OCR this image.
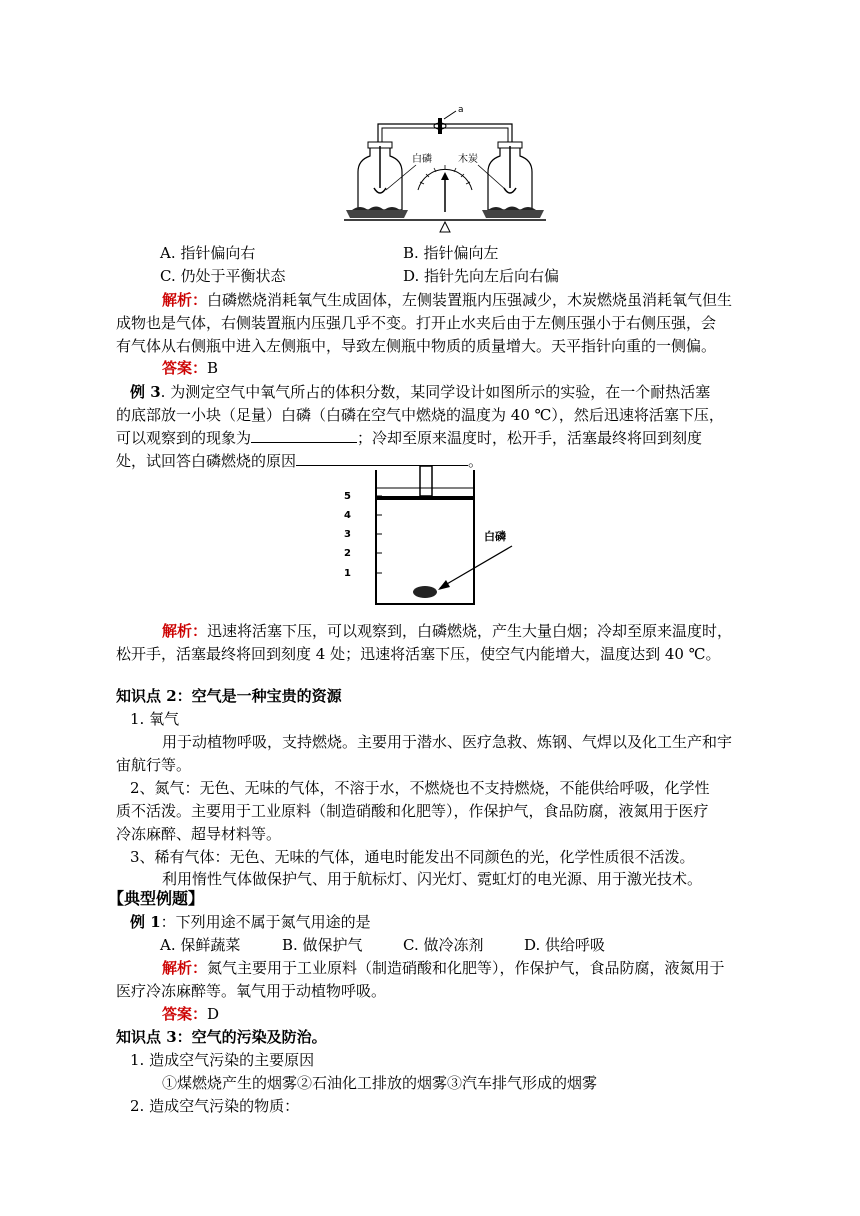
a
白磷	木炭
A. 指针偏向右	B. 指针偏向左
C. 仍处于平衡状态	D. 指针先向左后向右偏
解析：白磷燃烧消耗氧气生成固体，左侧装置瓶内压强减少，木炭燃烧虽消耗氧气但生
成物也是气体，右侧装置瓶内压强几乎不变。打开止水夹后由于左侧压强小于右侧压强，会
有气体从右侧瓶中进入左侧瓶中，导致左侧瓶中物质的质量增大。天平指针向重的一侧偏。
答案：B
例 3. 为测定空气中氧气所占的体积分数，某同学设计如图所示的实验，在一个耐热活塞
的底部放一小块（足量）白磷（白磷在空气中燃烧的温度为 40 ℃），然后迅速将活塞下压，
可以观察到的现象为	；冷却至原来温度时，松开手，活塞最终将回到刻度
处，试回答白磷燃烧的原因	。
5
4
3
2
1
白磷
解析：迅速将活塞下压，可以观察到，白磷燃烧，产生大量白烟；冷却至原来温度时，
松开手，活塞最终将回到刻度 4 处；迅速将活塞下压，使空气内能增大，温度达到 40 ℃。
知识点 2：空气是一种宝贵的资源
1. 氧气
用于动植物呼吸，支持燃烧。主要用于潜水、医疗急救、炼钢、气焊以及化工生产和宇
宙航行等。
2、氮气：无色、无味的气体，不溶于水，不燃烧也不支持燃烧，不能供给呼吸，化学性
质不活泼。主要用于工业原料（制造硝酸和化肥等），作保护气，食品防腐，液氮用于医疗
冷冻麻醉、超导材料等。
3、稀有气体：无色、无味的气体，通电时能发出不同颜色的光，化学性质很不活泼。
利用惰性气体做保护气、用于航标灯、闪光灯、霓虹灯的电光源、用于激光技术。
【典型例题】
例 1：下列用途不属于氮气用途的是
A. 保鲜蔬菜	B. 做保护气	C. 做冷冻剂	D. 供给呼吸
解析：氮气主要用于工业原料（制造硝酸和化肥等），作保护气，食品防腐，液氮用于
医疗冷冻麻醉等。氧气用于动植物呼吸。
答案：D
知识点 3：空气的污染及防治。
1. 造成空气污染的主要原因
①煤燃烧产生的烟雾②石油化工排放的烟雾③汽车排气形成的烟雾
2. 造成空气污染的物质：
